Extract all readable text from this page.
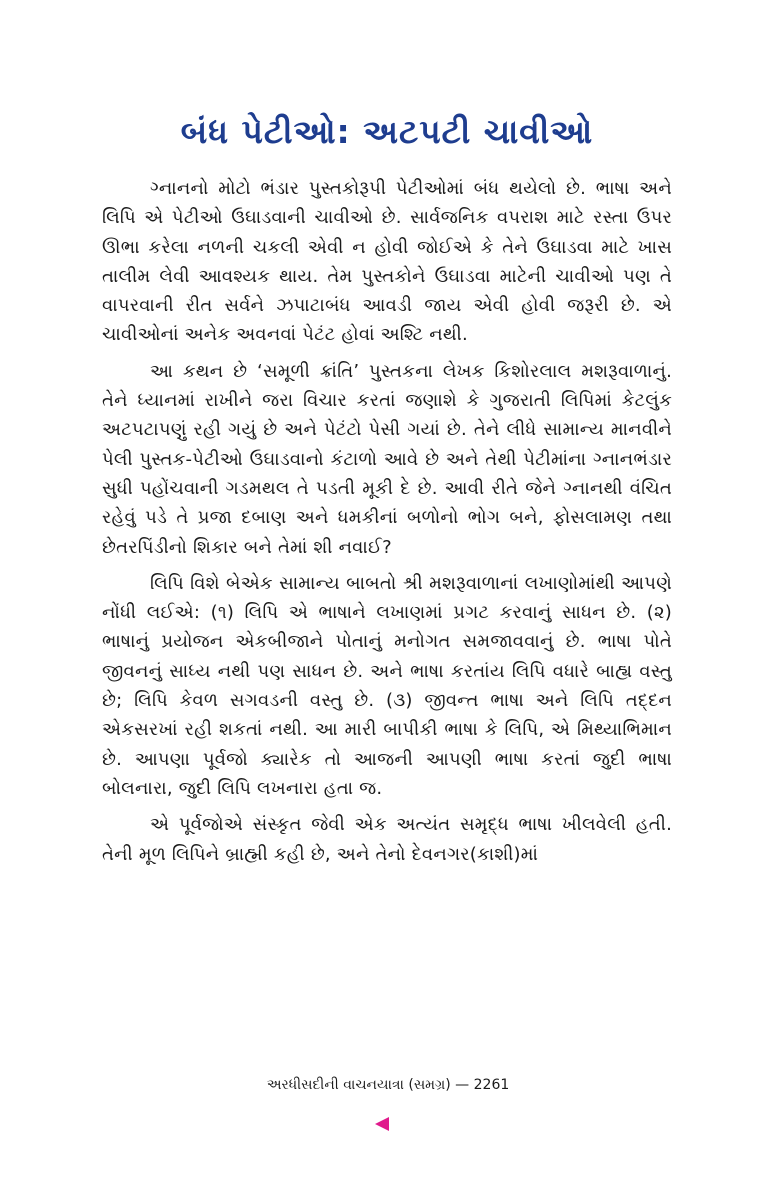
બંધ પેટીઓ: અટપટી ચાવીઓ

ગ્નાનનો મોટો ભંડાર પુસ્તકોરૂપી પેટીઓમાં બંધ થયેલો છે. ભાષા અને લિપિ એ પેટીઓ ઉઘાડવાની ચાવીઓ છે. સાર્વજનિક વપરાશ માટે રસ્તા ઉપર ઊભા કરેલા નળની ચકલી એવી ન હોવી જોઈએ કે તેને ઉઘાડવા માટે ખાસ તાલીમ લેવી આવશ્યક થાય. તેમ પુસ્તકોને ઉઘાડવા માટેની ચાવીઓ પણ તે વાપરવાની રીત સર્વને ઝપાટાબંધ આવડી જાય એવી હોવી જરૂરી છે. એ ચાવીઓનાં અનેક અવનવાં પેટંટ હોવાં અશ્ટિ નથી.

આ કથન છે ‘સમૂળી ક્રાંતિ’ પુસ્તકના લેખક કિશોરલાલ મશરૂવાળાનું. તેને ધ્યાનમાં રાખીને જરા વિચાર કરતાં જણાશે કે ગુજરાતી લિપિમાં કેટલુંક અટપટાપણું રહી ગયું છે અને પેટંટો પેસી ગયાં છે. તેને લીધે સામાન્ય માનવીને પેલી પુસ્તક-પેટીઓ ઉઘાડવાનો કંટાળો આવે છે અને તેથી પેટીમાંના ગ્નાનભંડાર સુધી પહોંચવાની ગડમથલ તે પડતી મૂકી દે છે. આવી રીતે જેને ગ્નાનથી વંચિત રહેવું પડે તે પ્રજા દબાણ અને ધમકીનાં બળોનો ભોગ બને, ફોસલામણ તથા છેતરપિંડીનો શિકાર બને તેમાં શી નવાઈ?

લિપિ વિશે બેએક સામાન્ય બાબતો શ્રી મશરૂવાળાનાં લખાણોમાંથી આપણે નોંધી લઈએ: (૧) લિપિ એ ભાષાને લખાણમાં પ્રગટ કરવાનું સાધન છે. (૨) ભાષાનું પ્રયોજન એકબીજાને પોતાનું મનોગત સમજાવવાનું છે. ભાષા પોતે જીવનનું સાધ્ય નથી પણ સાધન છે. અને ભાષા કરતાંય લિપિ વધારે બાહ્ય વસ્તુ છે; લિપિ કેવળ સગવડની વસ્તુ છે. (૩) જીવન્ત ભાષા અને લિપિ તદ્દન એકસરખાં રહી શકતાં નથી. આ મારી બાપીકી ભાષા કે લિપિ, એ મિથ્યાભિમાન છે. આપણા પૂર્વજો ક્યારેક તો આજની આપણી ભાષા કરતાં જુદી ભાષા બોલનારા, જુદી લિપિ લખનારા હતા જ.

એ પૂર્વજોએ સંસ્કૃત જેવી એક અત્યંત સમૃદ્ધ ભાષા ખીલવેલી હતી. તેની મૂળ લિપિને બ્રાહ્મી કહી છે, અને તેનો દેવનગર(કાશી)માં

અરધીસદીની વાચનયાત્રા (સમગ્ર) — 2261
